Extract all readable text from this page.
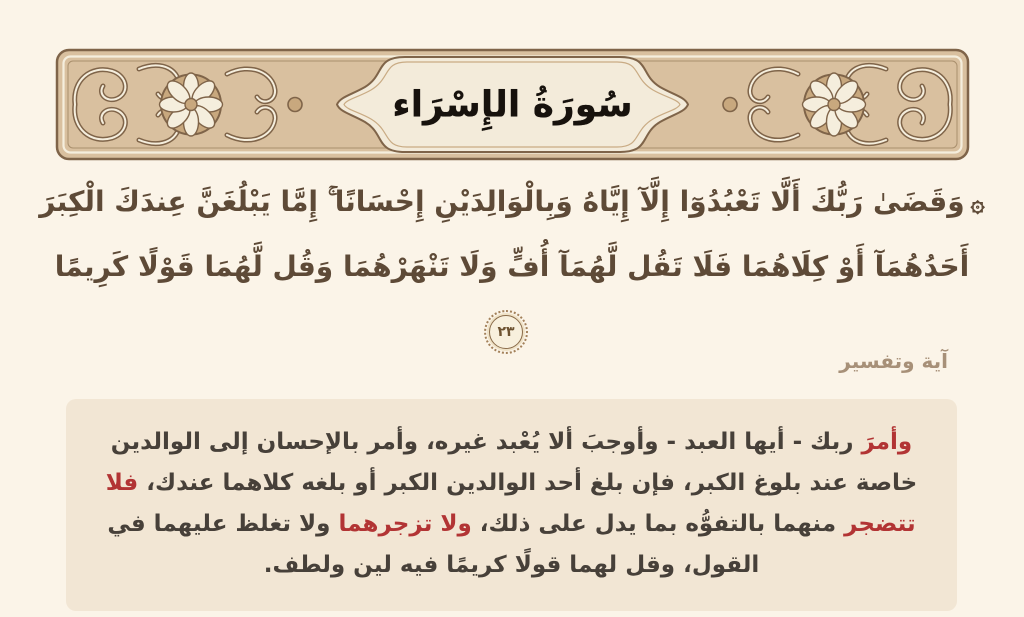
سُورَةُ الإِسْرَاء
۞وَقَضَىٰ رَبُّكَ أَلَّا تَعْبُدُوٓا إِلَّآ إِيَّاهُ وَبِالْوَالِدَيْنِ إِحْسَانًا ۚ إِمَّا يَبْلُغَنَّ عِندَكَ الْكِبَرَ
أَحَدُهُمَآ أَوْ كِلَاهُمَا فَلَا تَقُل لَّهُمَآ أُفٍّ وَلَا تَنْهَرْهُمَا وَقُل لَّهُمَا قَوْلًا كَرِيمًا
٢٣
آية وتفسير

وأمرَ ربك - أيها العبد - وأوجبَ ألا يُعْبد غيره، وأمر بالإحسان إلى الوالدين خاصة عند بلوغ الكبر، فإن بلغ أحد الوالدين الكبر أو بلغه كلاهما عندك، فلا تتضجر منهما بالتفوُّه بما يدل على ذلك، ولا تزجرهما ولا تغلظ عليهما في القول، وقل لهما قولًا كريمًا فيه لين ولطف.
